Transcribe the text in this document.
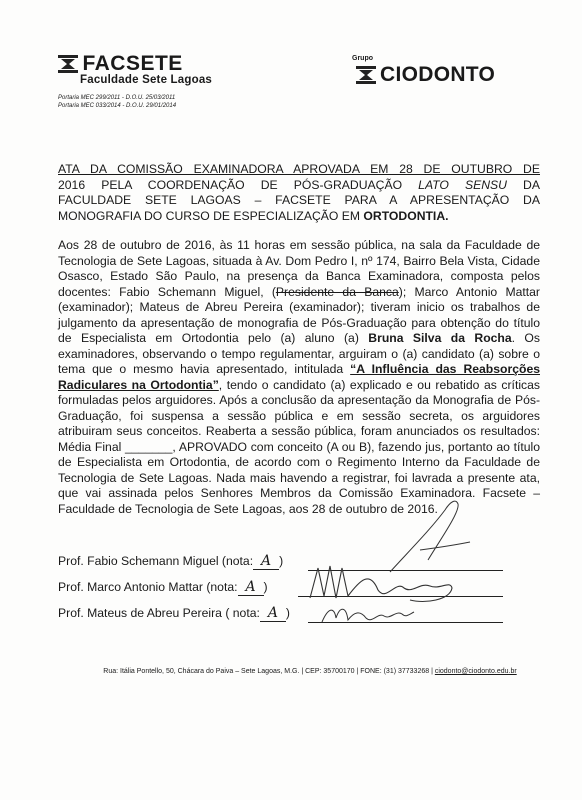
FACSETE
Faculdade Sete Lagoas
Portaria MEC 299/2011 - D.O.U. 25/03/2011
Portaria MEC 033/2014 - D.O.U. 29/01/2014
Grupo
CIODONTO

ATA DA COMISSÃO EXAMINADORA APROVADA EM 28 DE OUTUBRO DE

2016 PELA COORDENAÇÃO DE PÓS-GRADUAÇÃO LATO SENSU DA

FACULDADE SETE LAGOAS – FACSETE PARA A APRESENTAÇÃO DA

MONOGRAFIA DO CURSO DE ESPECIALIZAÇÃO EM ORTODONTIA.

Aos 28 de outubro de 2016, às 11 horas em sessão pública, na sala da Faculdade de Tecnologia de Sete Lagoas, situada à Av. Dom Pedro I, nº 174, Bairro Bela Vista, Cidade Osasco, Estado São Paulo, na presença da Banca Examinadora, composta pelos docentes: Fabio Schemann Miguel, (Presidente da Banca); Marco Antonio Mattar (examinador); Mateus de Abreu Pereira (examinador); tiveram inicio os trabalhos de julgamento da apresentação de monografia de Pós-Graduação para obtenção do título de Especialista em Ortodontia pelo (a) aluno (a) Bruna Silva da Rocha. Os examinadores, observando o tempo regulamentar, arguiram o (a) candidato (a) sobre o tema que o mesmo havia apresentado, intitulada “A Influência das Reabsorções Radiculares na Ortodontia”, tendo o candidato (a) explicado e ou rebatido as críticas formuladas pelos arguidores. Após a conclusão da apresentação da Monografia de Pós-Graduação, foi suspensa a sessão pública e em sessão secreta, os arguidores atribuiram seus conceitos. Reaberta a sessão pública, foram anunciados os resultados: Média Final _______, APROVADO com conceito (A ou B), fazendo jus, portanto ao título de Especialista em Ortodontia, de acordo com o Regimento Interno da Faculdade de Tecnologia de Sete Lagoas. Nada mais havendo a registrar, foi lavrada a presente ata, que vai assinada pelos Senhores Membros da Comissão Examinadora. Facsete – Faculdade de Tecnologia de Sete Lagoas, aos 28 de outubro de 2016.

Prof. Fabio Schemann Miguel (nota: A )
Prof. Marco Antonio Mattar (nota: A )
Prof. Mateus de Abreu Pereira ( nota: A )
Rua: Itália Pontello, 50, Chácara do Paiva – Sete Lagoas, M.G. | CEP: 35700170 | FONE: (31) 37733268 | ciodonto@ciodonto.edu.br
